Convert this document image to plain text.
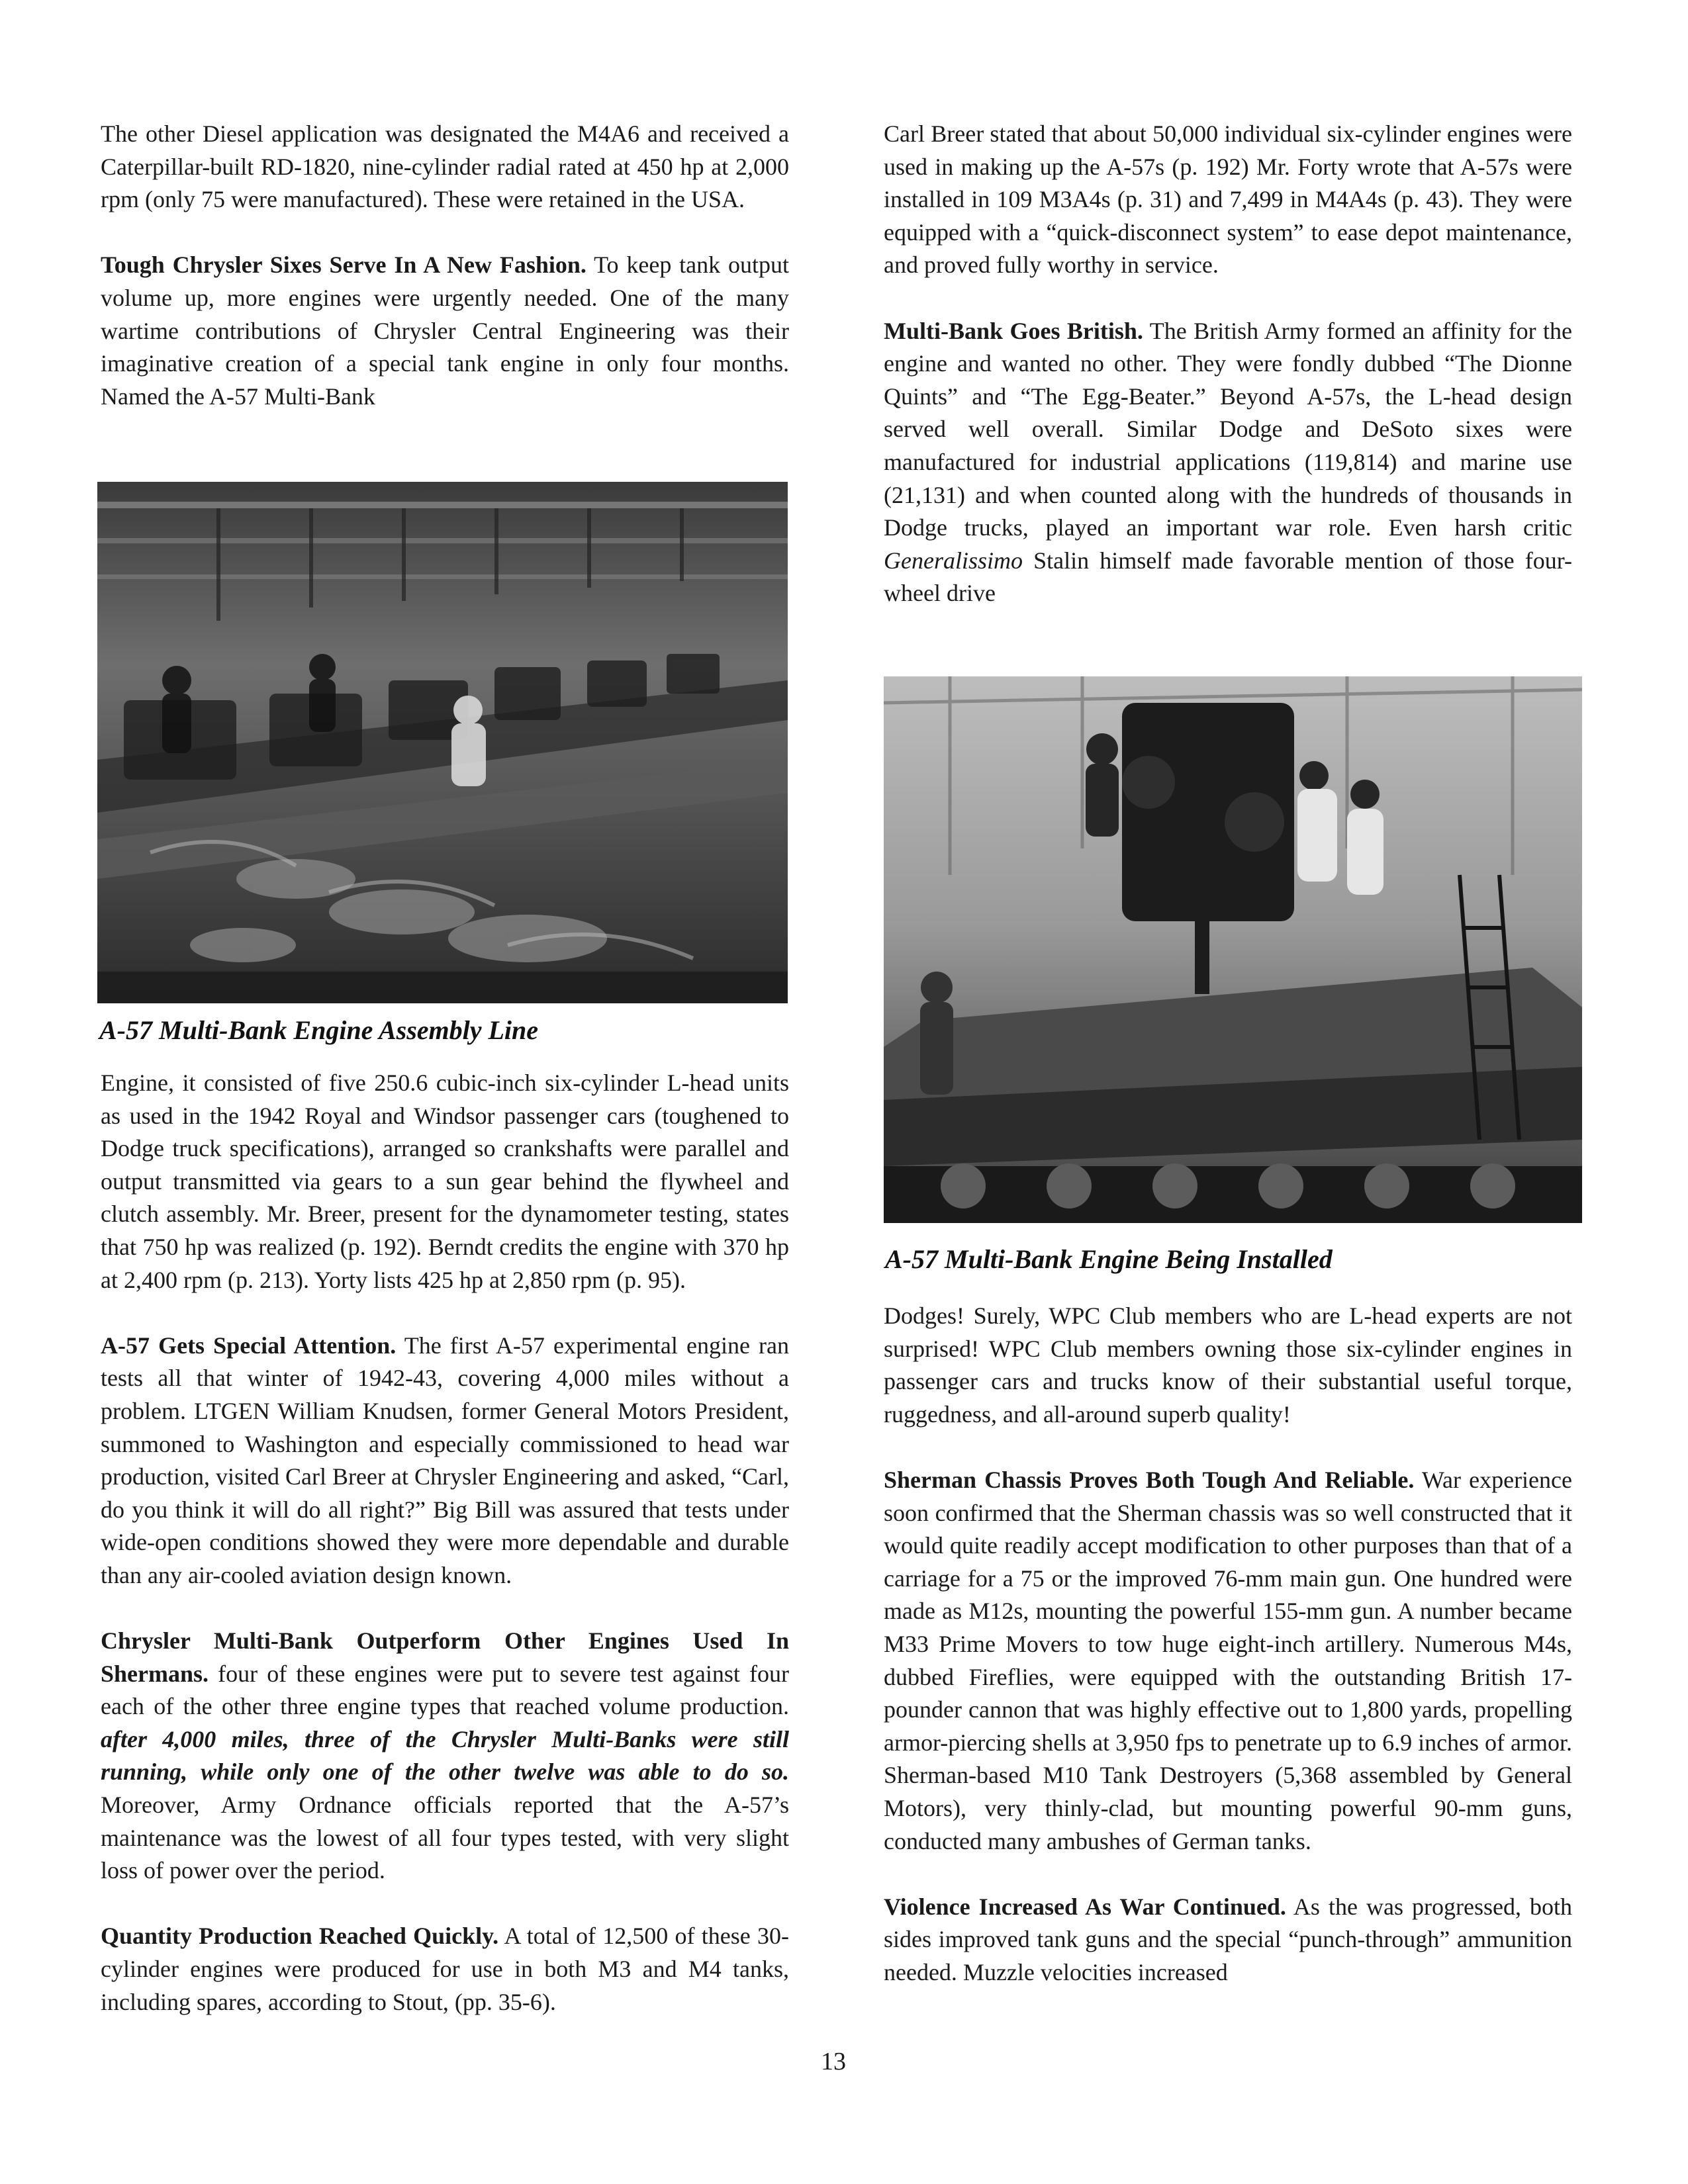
The other Diesel application was designated the M4A6 and received a Caterpillar-built RD-1820, nine-cylinder radial rated at 450 hp at 2,000 rpm (only 75 were manufactured). These were retained in the USA.

Tough Chrysler Sixes Serve In A New Fashion. To keep tank output volume up, more engines were urgently needed. One of the many wartime contributions of Chrysler Central Engineering was their imaginative creation of a special tank engine in only four months. Named the A-57 Multi-Bank

A-57 Multi-Bank Engine Assembly Line

Engine, it consisted of five 250.6 cubic-inch six-cylinder L-head units as used in the 1942 Royal and Windsor passenger cars (toughened to Dodge truck specifications), arranged so crankshafts were parallel and output transmitted via gears to a sun gear behind the flywheel and clutch assembly. Mr. Breer, present for the dynamometer testing, states that 750 hp was realized (p. 192). Berndt credits the engine with 370 hp at 2,400 rpm (p. 213). Yorty lists 425 hp at 2,850 rpm (p. 95).

A-57 Gets Special Attention. The first A-57 experimental engine ran tests all that winter of 1942-43, covering 4,000 miles without a problem. LTGEN William Knudsen, former General Motors President, summoned to Washington and especially commissioned to head war production, visited Carl Breer at Chrysler Engineering and asked, “Carl, do you think it will do all right?” Big Bill was assured that tests under wide-open conditions showed they were more dependable and durable than any air-cooled aviation design known.

Chrysler Multi-Bank Outperform Other Engines Used In Shermans. four of these engines were put to severe test against four each of the other three engine types that reached volume production. after 4,000 miles, three of the Chrysler Multi-Banks were still running, while only one of the other twelve was able to do so. Moreover, Army Ordnance officials reported that the A-57’s maintenance was the lowest of all four types tested, with very slight loss of power over the period.

Quantity Production Reached Quickly. A total of 12,500 of these 30-cylinder engines were produced for use in both M3 and M4 tanks, including spares, according to Stout, (pp. 35-6).

13

Carl Breer stated that about 50,000 individual six-cylinder engines were used in making up the A-57s (p. 192) Mr. Forty wrote that A-57s were installed in 109 M3A4s (p. 31) and 7,499 in M4A4s (p. 43). They were equipped with a “quick-disconnect system” to ease depot maintenance, and proved fully worthy in service.

Multi-Bank Goes British. The British Army formed an affinity for the engine and wanted no other. They were fondly dubbed “The Dionne Quints” and “The Egg-Beater.” Beyond A-57s, the L-head design served well overall. Similar Dodge and DeSoto sixes were manufactured for industrial applications (119,814) and marine use (21,131) and when counted along with the hundreds of thousands in Dodge trucks, played an important war role. Even harsh critic Generalissimo Stalin himself made favorable mention of those four-wheel drive

A-57 Multi-Bank Engine Being Installed

Dodges! Surely, WPC Club members who are L-head experts are not surprised! WPC Club members owning those six-cylinder engines in passenger cars and trucks know of their substantial useful torque, ruggedness, and all-around superb quality!

Sherman Chassis Proves Both Tough And Reliable. War experience soon confirmed that the Sherman chassis was so well constructed that it would quite readily accept modification to other purposes than that of a carriage for a 75 or the improved 76-mm main gun. One hundred were made as M12s, mounting the powerful 155-mm gun. A number became M33 Prime Movers to tow huge eight-inch artillery. Numerous M4s, dubbed Fireflies, were equipped with the outstanding British 17-pounder cannon that was highly effective out to 1,800 yards, propelling armor-piercing shells at 3,950 fps to penetrate up to 6.9 inches of armor. Sherman-based M10 Tank Destroyers (5,368 assembled by General Motors), very thinly-clad, but mounting powerful 90-mm guns, conducted many ambushes of German tanks.

Violence Increased As War Continued. As the was progressed, both sides improved tank guns and the special “punch-through” ammunition needed. Muzzle velocities increased
